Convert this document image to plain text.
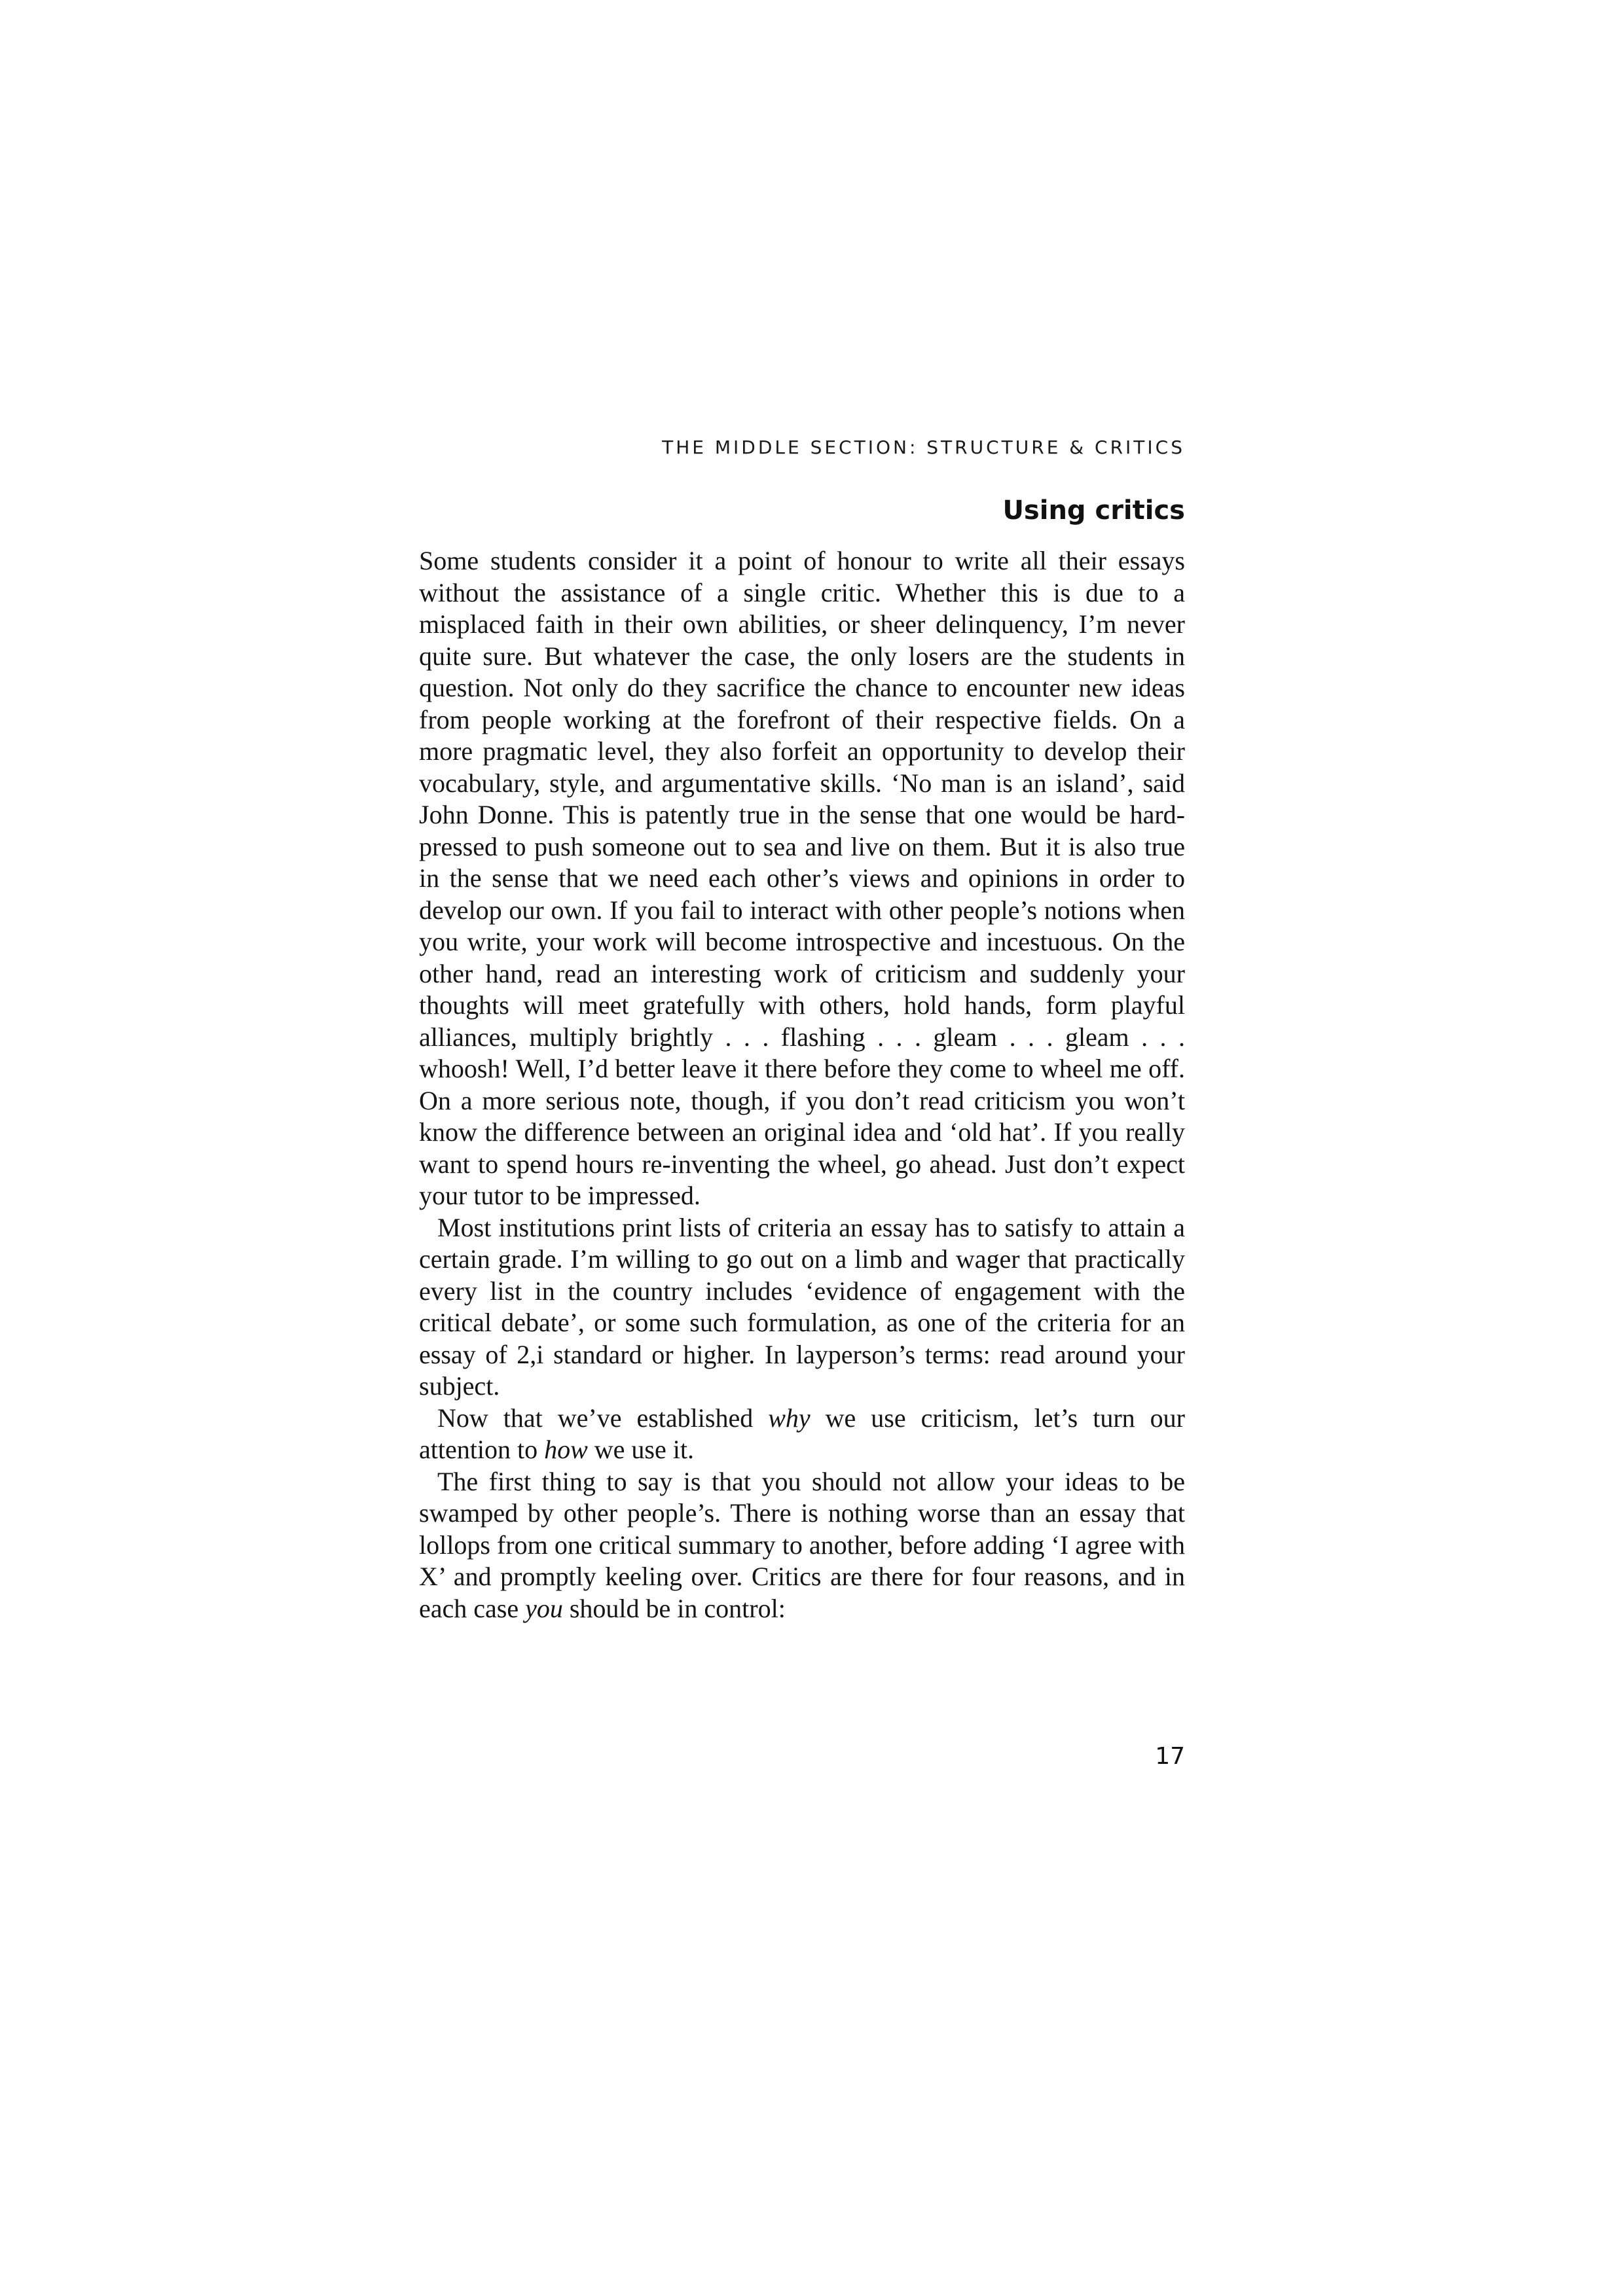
THE MIDDLE SECTION: STRUCTURE & CRITICS
Using critics

Some students consider it a point of honour to write all their essays without the assistance of a single critic. Whether this is due to a misplaced faith in their own abilities, or sheer delinquency, I’m never quite sure. But whatever the case, the only losers are the students in question. Not only do they sacrifice the chance to encounter new ideas from people working at the forefront of their respective fields. On a more pragmatic level, they also forfeit an opportunity to develop their vocabulary, style, and argumentative skills. ‘No man is an island’, said John Donne. This is patently true in the sense that one would be hard-pressed to push someone out to sea and live on them. But it is also true in the sense that we need each other’s views and opinions in order to develop our own. If you fail to interact with other people’s notions when you write, your work will become introspective and incestuous. On the other hand, read an interesting work of criticism and suddenly your thoughts will meet gratefully with others, hold hands, form playful alliances, multiply brightly . . . flashing . . . gleam . . . gleam . . . whoosh! Well, I’d better leave it there before they come to wheel me off. On a more serious note, though, if you don’t read criticism you won’t know the difference between an original idea and ‘old hat’. If you really want to spend hours re-inventing the wheel, go ahead. Just don’t expect your tutor to be impressed.

Most institutions print lists of criteria an essay has to satisfy to attain a certain grade. I’m willing to go out on a limb and wager that practically every list in the country includes ‘evidence of engagement with the critical debate’, or some such formulation, as one of the criteria for an essay of 2,i standard or higher. In layperson’s terms: read around your subject.

Now that we’ve established why we use criticism, let’s turn our attention to how we use it.

The first thing to say is that you should not allow your ideas to be swamped by other people’s. There is nothing worse than an essay that lollops from one critical summary to another, before adding ‘I agree with X’ and promptly keeling over. Critics are there for four reasons, and in each case you should be in control:

17
